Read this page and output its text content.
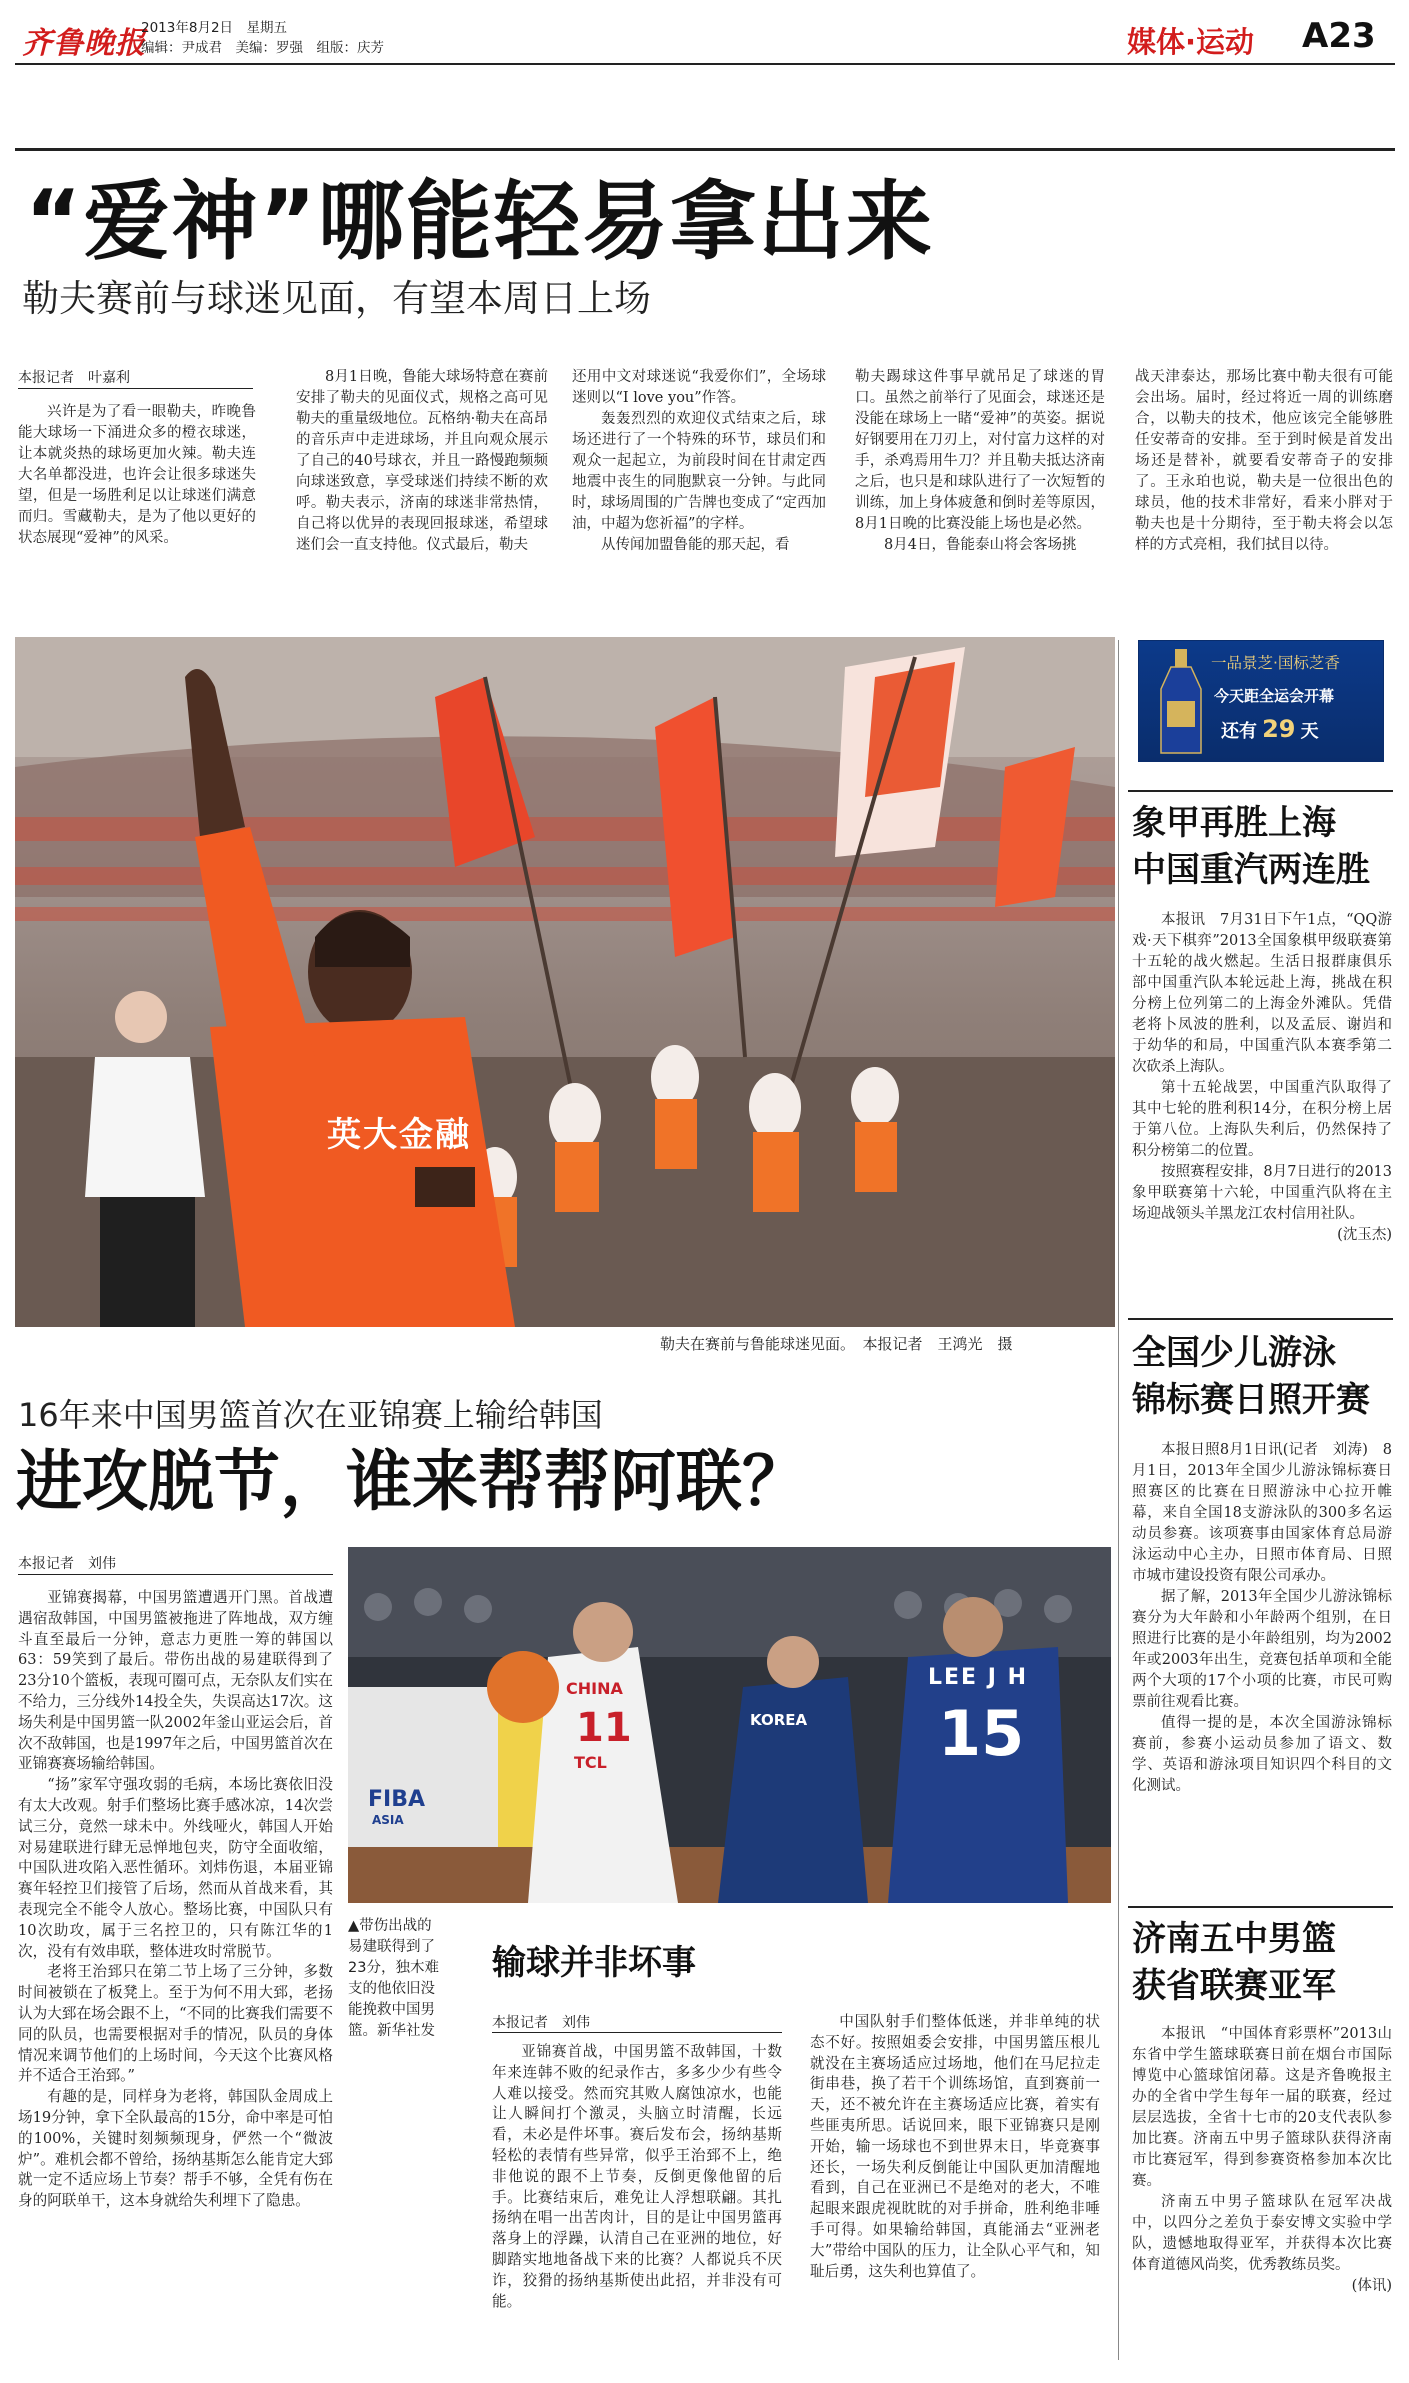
齐鲁晚报
2013年8月2日　 星期五
编辑：尹成君　 美编：罗强　 组版：庆芳	媒体·运动 A23
“爱神”哪能轻易拿出来
勒夫赛前与球迷见面，有望本周日上场
本报记者　叶嘉利

兴许是为了看一眼勒夫，昨晚鲁能大球场一下涌进众多的橙衣球迷，让本就炎热的球场更加火辣。勒夫连大名单都没进，也许会让很多球迷失望，但是一场胜利足以让球迷们满意而归。雪藏勒夫，是为了他以更好的状态展现“爱神”的风采。

8月1日晚，鲁能大球场特意在赛前安排了勒夫的见面仪式，规格之高可见勒夫的重量级地位。瓦格纳·勒夫在高昂的音乐声中走进球场，并且向观众展示了自己的40号球衣，并且一路慢跑频频向球迷致意，享受球迷们持续不断的欢呼。勒夫表示，济南的球迷非常热情，自己将以优异的表现回报球迷，希望球迷们会一直支持他。仪式最后，勒夫

还用中文对球迷说“我爱你们”，全场球迷则以“I love you”作答。

轰轰烈烈的欢迎仪式结束之后，球场还进行了一个特殊的环节，球员们和观众一起起立，为前段时间在甘肃定西地震中丧生的同胞默哀一分钟。与此同时，球场周围的广告牌也变成了“定西加油，中超为您祈福”的字样。

从传闻加盟鲁能的那天起，看

勒夫踢球这件事早就吊足了球迷的胃口。虽然之前举行了见面会，球迷还是没能在球场上一睹“爱神”的英姿。据说好钢要用在刀刃上，对付富力这样的对手，杀鸡焉用牛刀？并且勒夫抵达济南之后，也只是和球队进行了一次短暂的训练，加上身体疲惫和倒时差等原因，8月1日晚的比赛没能上场也是必然。

8月4日，鲁能泰山将会客场挑

战天津泰达，那场比赛中勒夫很有可能会出场。届时，经过将近一周的训练磨合，以勒夫的技术，他应该完全能够胜任安蒂奇的安排。至于到时候是首发出场还是替补，就要看安蒂奇子的安排了。王永珀也说，勒夫是一位很出色的球员，他的技术非常好，看来小胖对于勒夫也是十分期待，至于勒夫将会以怎样的方式亮相，我们拭目以待。

英大金融
勒夫在赛前与鲁能球迷见面。　本报记者　王鸿光　摄
一品景芝·国标芝香
今天距全运会开幕
还有 29 天
象甲再胜上海
中国重汽两连胜

本报讯　7月31日下午1点，“QQ游戏·天下棋弈”2013全国象棋甲级联赛第十五轮的战火燃起。生活日报群康俱乐部中国重汽队本轮远赴上海，挑战在积分榜上位列第二的上海金外滩队。凭借老将卜凤波的胜利，以及孟辰、谢岿和于幼华的和局，中国重汽队本赛季第二次砍杀上海队。

第十五轮战罢，中国重汽队取得了其中七轮的胜利积14分，在积分榜上居于第八位。上海队失利后，仍然保持了积分榜第二的位置。

按照赛程安排，8月7日进行的2013象甲联赛第十六轮，中国重汽队将在主场迎战领头羊黑龙江农村信用社队。

(沈玉杰)
全国少儿游泳
锦标赛日照开赛

本报日照8月1日讯(记者　刘涛)　8月1日，2013年全国少儿游泳锦标赛日照赛区的比赛在日照游泳中心拉开帷幕，来自全国18支游泳队的300多名运动员参赛。该项赛事由国家体育总局游泳运动中心主办，日照市体育局、日照市城市建设投资有限公司承办。

据了解，2013年全国少儿游泳锦标赛分为大年龄和小年龄两个组别，在日照进行比赛的是小年龄组别，均为2002年或2003年出生，竞赛包括单项和全能两个大项的17个小项的比赛，市民可购票前往观看比赛。

值得一提的是，本次全国游泳锦标赛前，参赛小运动员参加了语文、数学、英语和游泳项目知识四个科目的文化测试。

济南五中男篮
获省联赛亚军

本报讯　“中国体育彩票杯”2013山东省中学生篮球联赛日前在烟台市国际博览中心篮球馆闭幕。这是齐鲁晚报主办的全省中学生每年一届的联赛，经过层层选拔，全省十七市的20支代表队参加比赛。济南五中男子篮球队获得济南市比赛冠军，得到参赛资格参加本次比赛。

济南五中男子篮球队在冠军决战中，以四分之差负于泰安博文实验中学队，遗憾地取得亚军，并获得本次比赛体育道德风尚奖，优秀教练员奖。

(体讯)
16年来中国男篮首次在亚锦赛上输给韩国
进攻脱节，谁来帮帮阿联？
本报记者　刘伟

亚锦赛揭幕，中国男篮遭遇开门黑。首战遭遇宿敌韩国，中国男篮被拖进了阵地战，双方缠斗直至最后一分钟，意志力更胜一筹的韩国以63：59笑到了最后。带伤出战的易建联得到了23分10个篮板，表现可圈可点，无奈队友们实在不给力，三分线外14投全失，失误高达17次。这场失利是中国男篮一队2002年釜山亚运会后，首次不敌韩国，也是1997年之后，中国男篮首次在亚锦赛赛场输给韩国。

“扬”家军守强攻弱的毛病，本场比赛依旧没有太大改观。射手们整场比赛手感冰凉，14次尝试三分，竟然一球未中。外线哑火，韩国人开始对易建联进行肆无忌惮地包夹，防守全面收缩，中国队进攻陷入恶性循环。刘炜伤退，本届亚锦赛年轻控卫们接管了后场，然而从首战来看，其表现完全不能令人放心。整场比赛，中国队只有10次助攻，属于三名控卫的，只有陈江华的1次，没有有效串联，整体进攻时常脱节。

老将王治郅只在第二节上场了三分钟，多数时间被锁在了板凳上。至于为何不用大郅，老扬认为大郅在场会跟不上，“不同的比赛我们需要不同的队员，也需要根据对手的情况，队员的身体情况来调节他们的上场时间，今天这个比赛风格并不适合王治郅。”

有趣的是，同样身为老将，韩国队金周成上场19分钟，拿下全队最高的15分，命中率是可怕的100%，关键时刻频频现身，俨然一个“微波炉”。难机会都不曾给，扬纳基斯怎么能肯定大郅就一定不适应场上节奏？帮手不够，全凭有伤在身的阿联单干，这本身就给失利埋下了隐患。

CHINA
11
TCL
KOREA
LEE J H
15
FIBA
ASIA
▲带伤出战的易建联得到了23分，独木难支的他依旧没能挽救中国男篮。新华社发
输球并非坏事
本报记者　刘伟

亚锦赛首战，中国男篮不敌韩国，十数年来连韩不败的纪录作古，多多少少有些令人难以接受。然而究其败人腐蚀凉水，也能让人瞬间打个激灵，头脑立时清醒，长远看，未必是件坏事。赛后发布会，扬纳基斯轻松的表情有些异常，似乎王治郅不上，绝非他说的跟不上节奏，反倒更像他留的后手。比赛结束后，难免让人浮想联翩。其扎扬纳在唱一出苦肉计，目的是让中国男篮再落身上的浮躁，认清自己在亚洲的地位，好脚踏实地地备战下来的比赛？人都说兵不厌诈，狡猾的扬纳基斯使出此招，并非没有可能。

中国队射手们整体低迷，并非单纯的状态不好。按照姐委会安排，中国男篮压根儿就没在主赛场适应过场地，他们在马尼拉走街串巷，换了若干个训练场馆，直到赛前一天，还不被允许在主赛场适应比赛，着实有些匪夷所思。话说回来，眼下亚锦赛只是刚开始，输一场球也不到世界末日，毕竟赛事还长，一场失利反倒能让中国队更加清醒地看到，自己在亚洲已不是绝对的老大，不唯起眼来跟虎视眈眈的对手拼命，胜利绝非唾手可得。如果输给韩国，真能涌去“亚洲老大”带给中国队的压力，让全队心平气和，知耻后勇，这失利也算值了。
